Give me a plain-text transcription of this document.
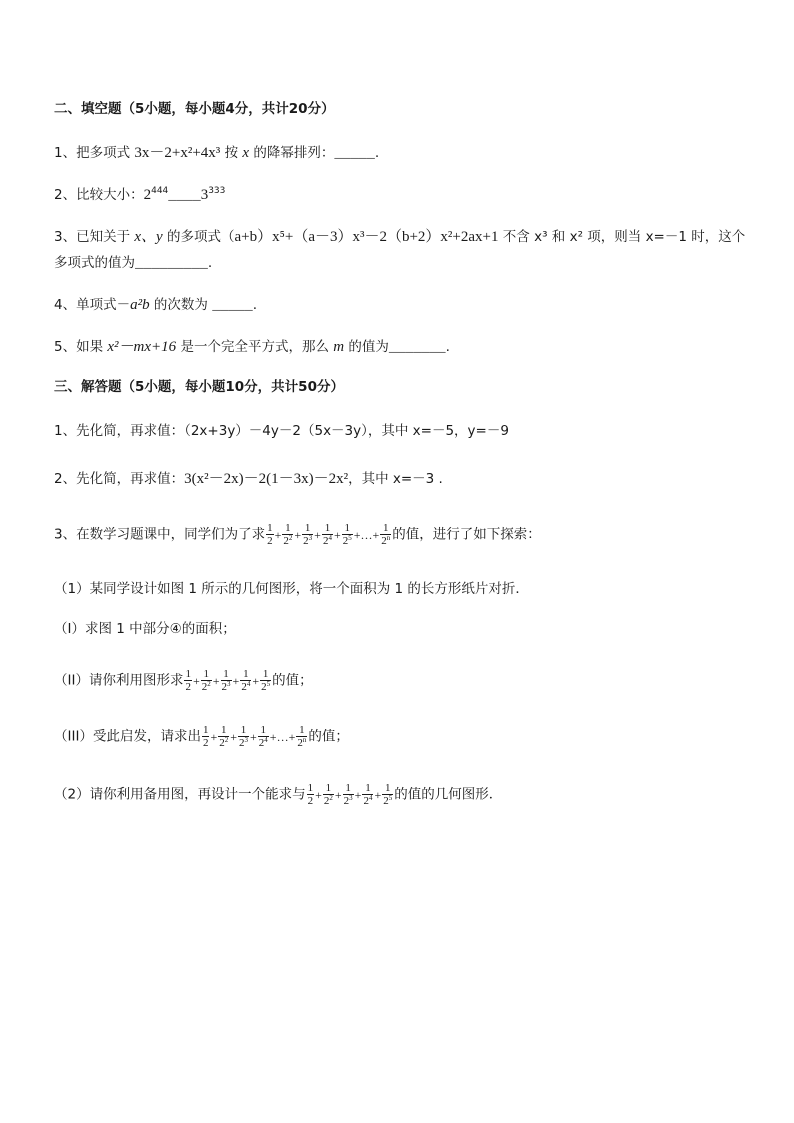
二、填空题（5小题，每小题4分，共计20分）
1、把多项式 3x－2+x²+4x³ 按 x 的降幂排列：_____.
2、比较大小：$2^{444}\_\_\_\_3^{333}$
3、已知关于 x、y 的多项式（a+b）x⁵+（a－3）x³－2（b+2）x²+2ax+1 不含 x³ 和 x² 项，则当 x=－1 时，这个
多项式的值为_________.
4、单项式－a²b 的次数为 _____.
5、如果 x²－mx+16 是一个完全平方式，那么 m 的值为_______.
三、解答题（5小题，每小题10分，共计50分）
1、先化简，再求值：（2x+3y）－4y－2（5x－3y），其中 x=－5，y=－9
2、先化简，再求值：3(x²－2x)－2(1－3x)－2x²，其中 x=－3 .
3、在数学习题课中，同学们为了求 $\frac{1}{2} + \frac{1}{2^2} + \frac{1}{2^3} + \frac{1}{2^4} + \frac{1}{2^5}$ +…+ $\frac{1}{2^n}$ 的值，进行了如下探索：
（1）某同学设计如图 1 所示的几何图形，将一个面积为 1 的长方形纸片对折．
（I）求图 1 中部分④的面积；
（II）请你利用图形求 $\frac{1}{2} + \frac{1}{2^2} + \frac{1}{2^3} + \frac{1}{2^4} + \frac{1}{2^5}$ 的值；
（III）受此启发，请求出 $\frac{1}{2} + \frac{1}{2^2} + \frac{1}{2^3} + \frac{1}{2^4}$ +…+ $\frac{1}{2^n}$ 的值；
（2）请你利用备用图，再设计一个能求与 $\frac{1}{2} + \frac{1}{2^2} + \frac{1}{2^3} + \frac{1}{2^4} + \frac{1}{2^5}$ 的值的几何图形．
